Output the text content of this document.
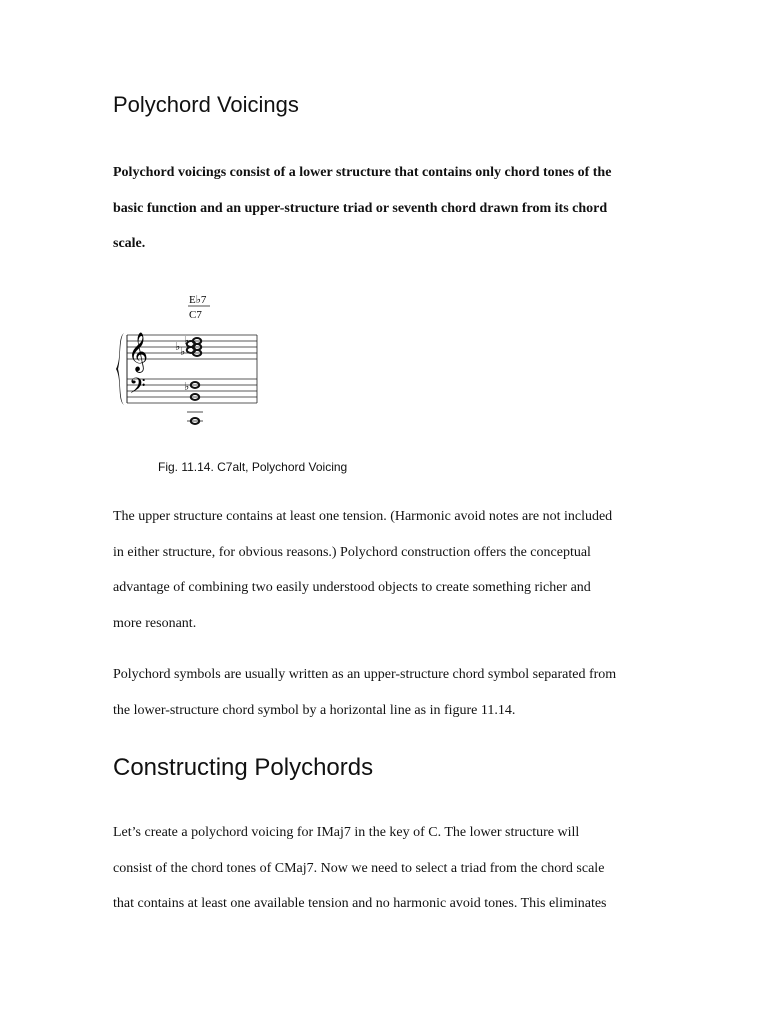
Polychord Voicings

Polychord voicings consist of a lower structure that contains only chord tones of the
basic function and an upper-structure triad or seventh chord drawn from its chord
scale.

E♭7
C7
𝄞
𝄢
♭ ♭
♭
♭

Fig. 11.14. C7alt, Polychord Voicing

The upper structure contains at least one tension. (Harmonic avoid notes are not included
in either structure, for obvious reasons.) Polychord construction offers the conceptual
advantage of combining two easily understood objects to create something richer and
more resonant.

Polychord symbols are usually written as an upper-structure chord symbol separated from
the lower-structure chord symbol by a horizontal line as in figure 11.14.

Constructing Polychords

Let’s create a polychord voicing for IMaj7 in the key of C. The lower structure will
consist of the chord tones of CMaj7. Now we need to select a triad from the chord scale
that contains at least one available tension and no harmonic avoid tones. This eliminates
